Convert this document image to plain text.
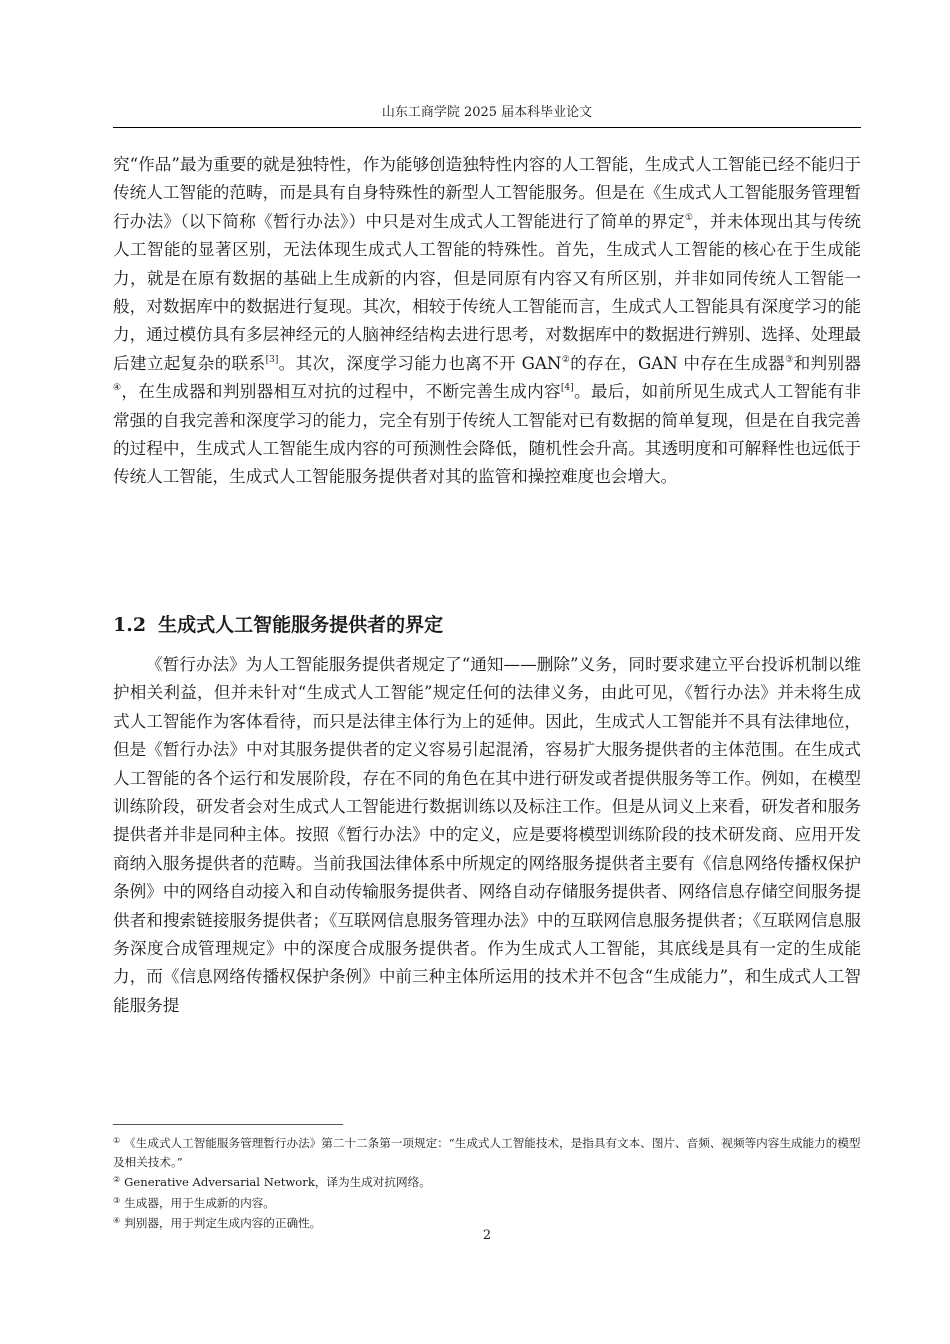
山东工商学院 2025 届本科毕业论文

究“作品”最为重要的就是独特性，作为能够创造独特性内容的人工智能，生成式人工智能已经不能归于传统人工智能的范畴，而是具有自身特殊性的新型人工智能服务。但是在《生成式人工智能服务管理暂行办法》（以下简称《暂行办法》）中只是对生成式人工智能进行了简单的界定①，并未体现出其与传统人工智能的显著区别，无法体现生成式人工智能的特殊性。首先，生成式人工智能的核心在于生成能力，就是在原有数据的基础上生成新的内容，但是同原有内容又有所区别，并非如同传统人工智能一般，对数据库中的数据进行复现。其次，相较于传统人工智能而言，生成式人工智能具有深度学习的能力，通过模仿具有多层神经元的人脑神经结构去进行思考，对数据库中的数据进行辨别、选择、处理最后建立起复杂的联系[3]。其次，深度学习能力也离不开 GAN②的存在，GAN 中存在生成器③和判别器④，在生成器和判别器相互对抗的过程中，不断完善生成内容[4]。最后，如前所见生成式人工智能有非常强的自我完善和深度学习的能力，完全有别于传统人工智能对已有数据的简单复现，但是在自我完善的过程中，生成式人工智能生成内容的可预测性会降低，随机性会升高。其透明度和可解释性也远低于传统人工智能，生成式人工智能服务提供者对其的监管和操控难度也会增大。

1.2 生成式人工智能服务提供者的界定

《暂行办法》为人工智能服务提供者规定了“通知——删除”义务，同时要求建立平台投诉机制以维护相关利益，但并未针对“生成式人工智能”规定任何的法律义务，由此可见，《暂行办法》并未将生成式人工智能作为客体看待，而只是法律主体行为上的延伸。因此，生成式人工智能并不具有法律地位，但是《暂行办法》中对其服务提供者的定义容易引起混淆，容易扩大服务提供者的主体范围。在生成式人工智能的各个运行和发展阶段，存在不同的角色在其中进行研发或者提供服务等工作。例如，在模型训练阶段，研发者会对生成式人工智能进行数据训练以及标注工作。但是从词义上来看，研发者和服务提供者并非是同种主体。按照《暂行办法》中的定义，应是要将模型训练阶段的技术研发商、应用开发商纳入服务提供者的范畴。当前我国法律体系中所规定的网络服务提供者主要有《信息网络传播权保护条例》中的网络自动接入和自动传输服务提供者、网络自动存储服务提供者、网络信息存储空间服务提供者和搜索链接服务提供者；《互联网信息服务管理办法》中的互联网信息服务提供者；《互联网信息服务深度合成管理规定》中的深度合成服务提供者。作为生成式人工智能，其底线是具有一定的生成能力，而《信息网络传播权保护条例》中前三种主体所运用的技术并不包含“生成能力”，和生成式人工智能服务提

① 《生成式人工智能服务管理暂行办法》第二十二条第一项规定：“生成式人工智能技术，是指具有文本、图片、音频、视频等内容生成能力的模型及相关技术。”
② Generative Adversarial Network，译为生成对抗网络。
③ 生成器，用于生成新的内容。
④ 判别器，用于判定生成内容的正确性。
2
